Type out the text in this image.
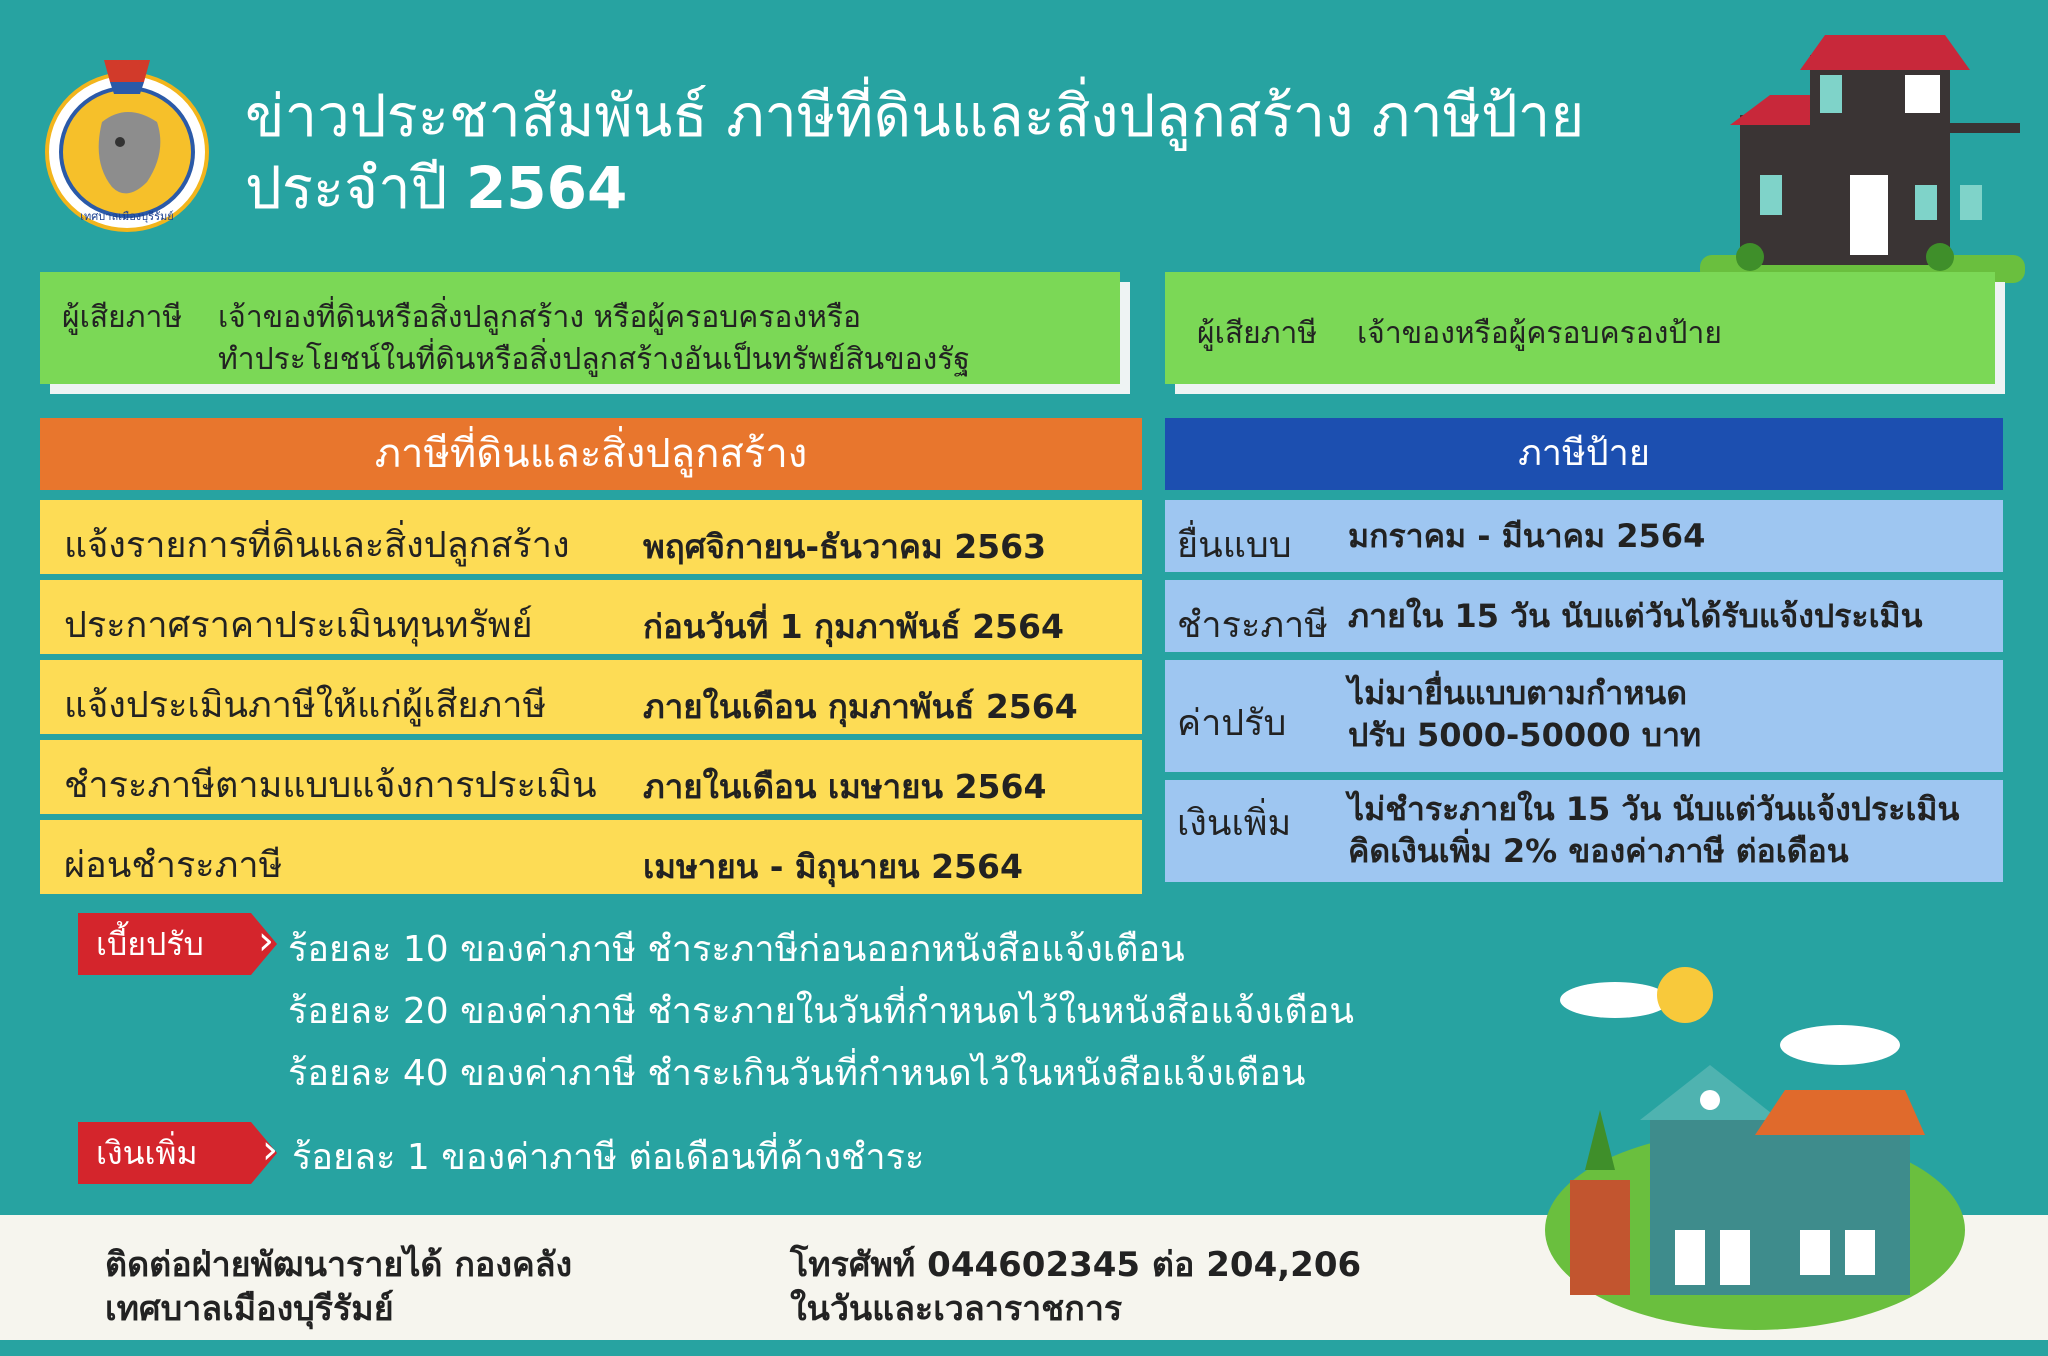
เทศบาลเมืองบุรีรัมย์
ข่าวประชาสัมพันธ์ ภาษีที่ดินและสิ่งปลูกสร้าง ภาษีป้าย
ประจำปี 2564
ผู้เสียภาษี เจ้าของที่ดินหรือสิ่งปลูกสร้าง หรือผู้ครอบครองหรือ
ทำประโยชน์ในที่ดินหรือสิ่งปลูกสร้างอันเป็นทรัพย์สินของรัฐ
ผู้เสียภาษี เจ้าของหรือผู้ครอบครองป้าย
ภาษีที่ดินและสิ่งปลูกสร้าง
แจ้งรายการที่ดินและสิ่งปลูกสร้าง พฤศจิกายน-ธันวาคม 2563
ประกาศราคาประเมินทุนทรัพย์	ก่อนวันที่ 1 กุมภาพันธ์ 2564
แจ้งประเมินภาษีให้แก่ผู้เสียภาษี	ภายในเดือน กุมภาพันธ์ 2564
ชำระภาษีตามแบบแจ้งการประเมิน ภายในเดือน เมษายน 2564
ผ่อนชำระภาษี	เมษายน - มิถุนายน 2564
ภาษีป้าย
ยื่นแบบ มกราคม - มีนาคม 2564
ชำระภาษี ภายใน 15 วัน นับแต่วันได้รับแจ้งประเมิน
ค่าปรับ
ไม่มายื่นแบบตามกำหนด
ปรับ 5000-50000 บาท
เงินเพิ่ม ไม่ชำระภายใน 15 วัน นับแต่วันแจ้งประเมิน
คิดเงินเพิ่ม 2% ของค่าภาษี ต่อเดือน
เบี้ยปรับ	› ร้อยละ 10 ของค่าภาษี ชำระภาษีก่อนออกหนังสือแจ้งเตือน
ร้อยละ 20 ของค่าภาษี ชำระภายในวันที่กำหนดไว้ในหนังสือแจ้งเตือน
ร้อยละ 40 ของค่าภาษี ชำระเกินวันที่กำหนดไว้ในหนังสือแจ้งเตือน
เงินเพิ่ม	› ร้อยละ 1 ของค่าภาษี ต่อเดือนที่ค้างชำระ
ติดต่อฝ่ายพัฒนารายได้ กองคลัง
เทศบาลเมืองบุรีรัมย์
โทรศัพท์ 044602345 ต่อ 204,206
ในวันและเวลาราชการ
